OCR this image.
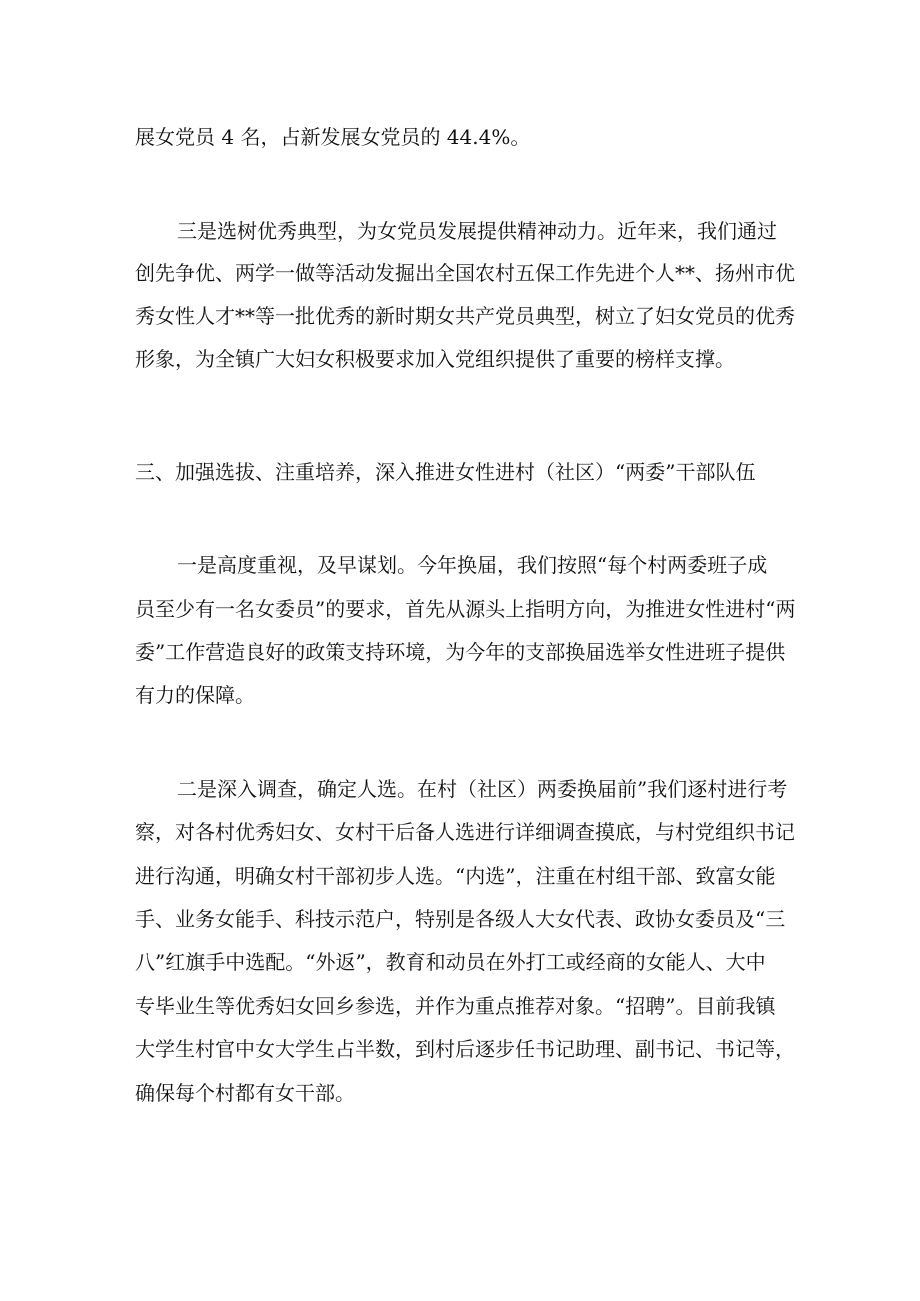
展女党员 4 名，占新发展女党员的 44.4%。
三是选树优秀典型，为女党员发展提供精神动力。近年来，我们通过
创先争优、两学一做等活动发掘出全国农村五保工作先进个人**、扬州市优
秀女性人才**等一批优秀的新时期女共产党员典型，树立了妇女党员的优秀
形象，为全镇广大妇女积极要求加入党组织提供了重要的榜样支撑。
三、加强选拔、注重培养，深入推进女性进村（社区）“两委”干部队伍
一是高度重视，及早谋划。今年换届，我们按照“每个村两委班子成
员至少有一名女委员”的要求，首先从源头上指明方向，为推进女性进村“两
委”工作营造良好的政策支持环境，为今年的支部换届选举女性进班子提供
有力的保障。
二是深入调查，确定人选。在村（社区）两委换届前”我们逐村进行考
察，对各村优秀妇女、女村干后备人选进行详细调查摸底，与村党组织书记
进行沟通，明确女村干部初步人选。“内选”，注重在村组干部、致富女能
手、业务女能手、科技示范户，特别是各级人大女代表、政协女委员及“三
八”红旗手中选配。“外返”，教育和动员在外打工或经商的女能人、大中
专毕业生等优秀妇女回乡参选，并作为重点推荐对象。“招聘”。目前我镇
大学生村官中女大学生占半数，到村后逐步任书记助理、副书记、书记等，
确保每个村都有女干部。
